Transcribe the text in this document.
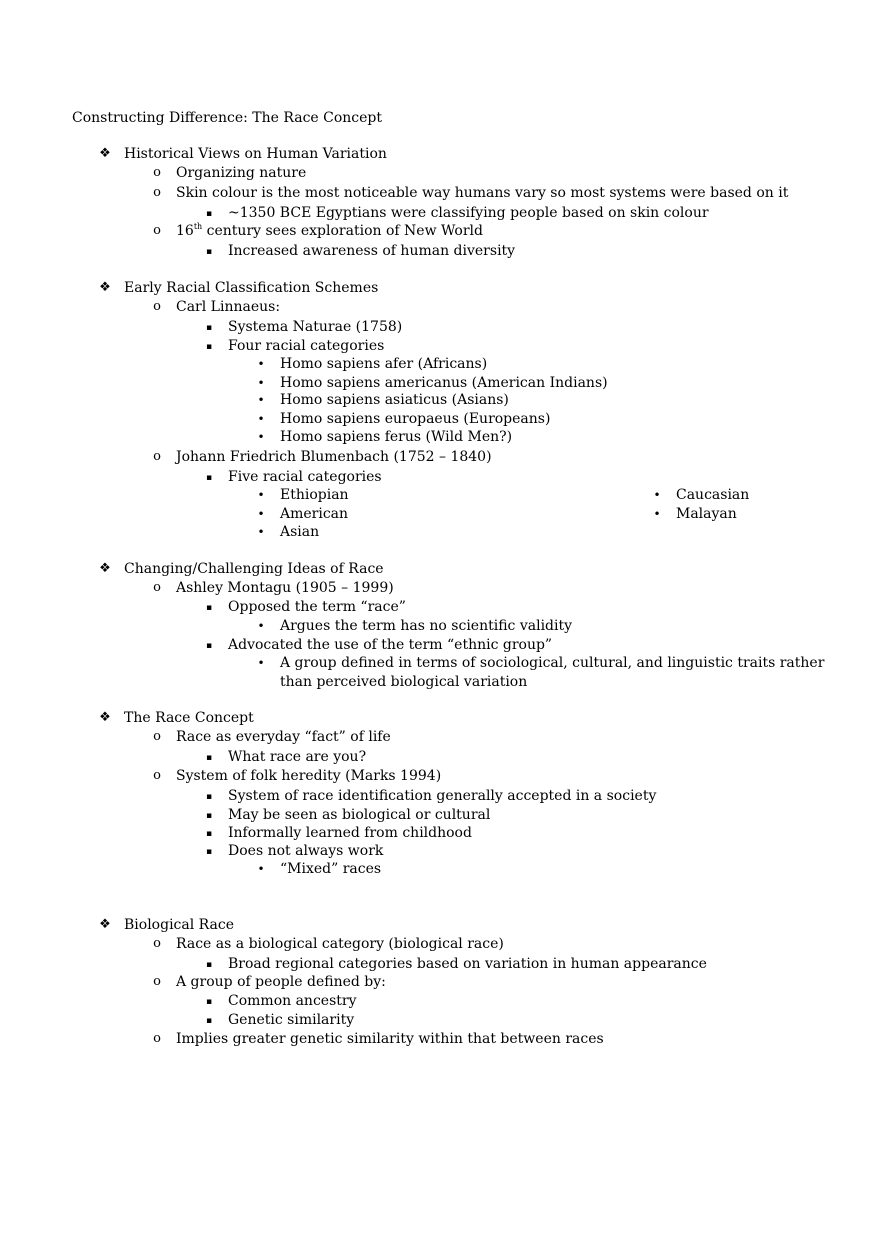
Constructing Difference: The Race Concept
❖ Historical Views on Human Variation
o Organizing nature
o Skin colour is the most noticeable way humans vary so most systems were based on it
▪ ~1350 BCE Egyptians were classifying people based on skin colour
o 16th century sees exploration of New World
▪ Increased awareness of human diversity
❖ Early Racial Classification Schemes
o Carl Linnaeus:
▪ Systema Naturae (1758)
▪ Four racial categories
• Homo sapiens afer (Africans)
• Homo sapiens americanus (American Indians)
• Homo sapiens asiaticus (Asians)
• Homo sapiens europaeus (Europeans)
• Homo sapiens ferus (Wild Men?)
o Johann Friedrich Blumenbach (1752 – 1840)
▪ Five racial categories
• Ethiopian
• American
• Asian
• Caucasian
• Malayan
❖ Changing/Challenging Ideas of Race
o Ashley Montagu (1905 – 1999)
▪ Opposed the term “race”
• Argues the term has no scientific validity
▪ Advocated the use of the term “ethnic group”
• A group defined in terms of sociological, cultural, and linguistic traits rather
than perceived biological variation
❖ The Race Concept
o Race as everyday “fact” of life
▪ What race are you?
o System of folk heredity (Marks 1994)
▪ System of race identification generally accepted in a society
▪ May be seen as biological or cultural
▪ Informally learned from childhood
▪ Does not always work
• “Mixed” races
❖ Biological Race
o Race as a biological category (biological race)
▪ Broad regional categories based on variation in human appearance
o A group of people defined by:
▪ Common ancestry
▪ Genetic similarity
o Implies greater genetic similarity within that between races
